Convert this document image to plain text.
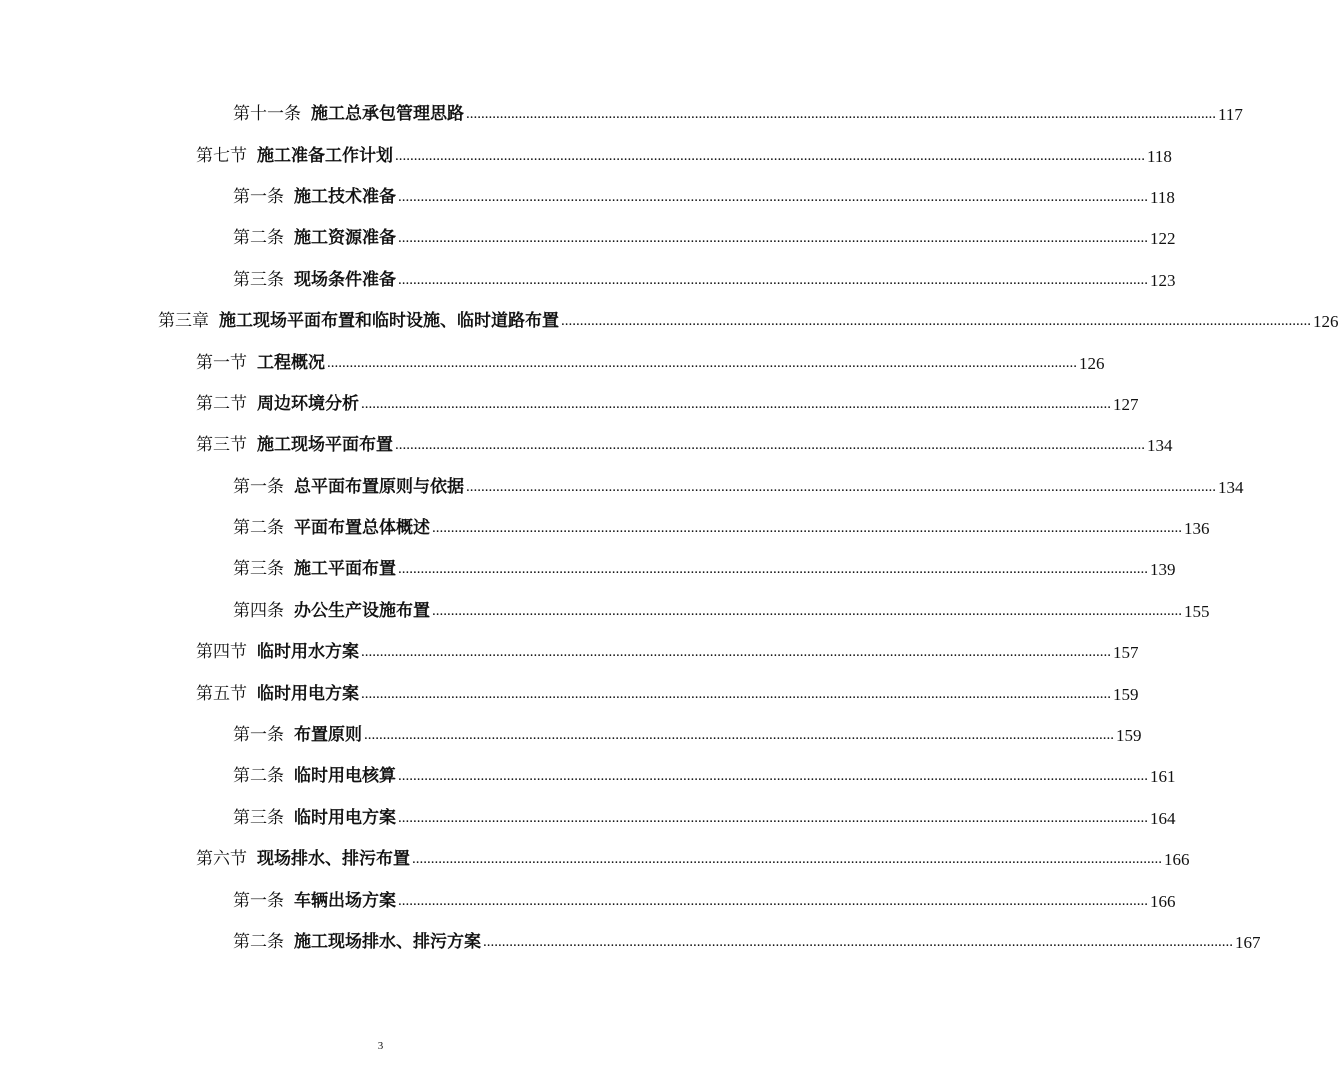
第十一条 施工总承包管理思路 ........................................................................................................................................................................................................ 117
第七节 施工准备工作计划 ........................................................................................................................................................................................................ 118
第一条 施工技术准备 ........................................................................................................................................................................................................ 118
第二条 施工资源准备 ........................................................................................................................................................................................................ 122
第三条 现场条件准备 ........................................................................................................................................................................................................ 123
第三章 施工现场平面布置和临时设施、临时道路布置 ........................................................................................................................................................................................................ 126
第一节 工程概况 ........................................................................................................................................................................................................ 126
第二节 周边环境分析 ........................................................................................................................................................................................................ 127
第三节 施工现场平面布置 ........................................................................................................................................................................................................ 134
第一条 总平面布置原则与依据 ........................................................................................................................................................................................................ 134
第二条 平面布置总体概述 ........................................................................................................................................................................................................ 136
第三条 施工平面布置 ........................................................................................................................................................................................................ 139
第四条 办公生产设施布置 ........................................................................................................................................................................................................ 155
第四节 临时用水方案 ........................................................................................................................................................................................................ 157
第五节 临时用电方案 ........................................................................................................................................................................................................ 159
第一条 布置原则 ........................................................................................................................................................................................................ 159
第二条 临时用电核算 ........................................................................................................................................................................................................ 161
第三条 临时用电方案 ........................................................................................................................................................................................................ 164
第六节 现场排水、排污布置 ........................................................................................................................................................................................................ 166
第一条 车辆出场方案 ........................................................................................................................................................................................................ 166
第二条 施工现场排水、排污方案 ........................................................................................................................................................................................................ 167
3
